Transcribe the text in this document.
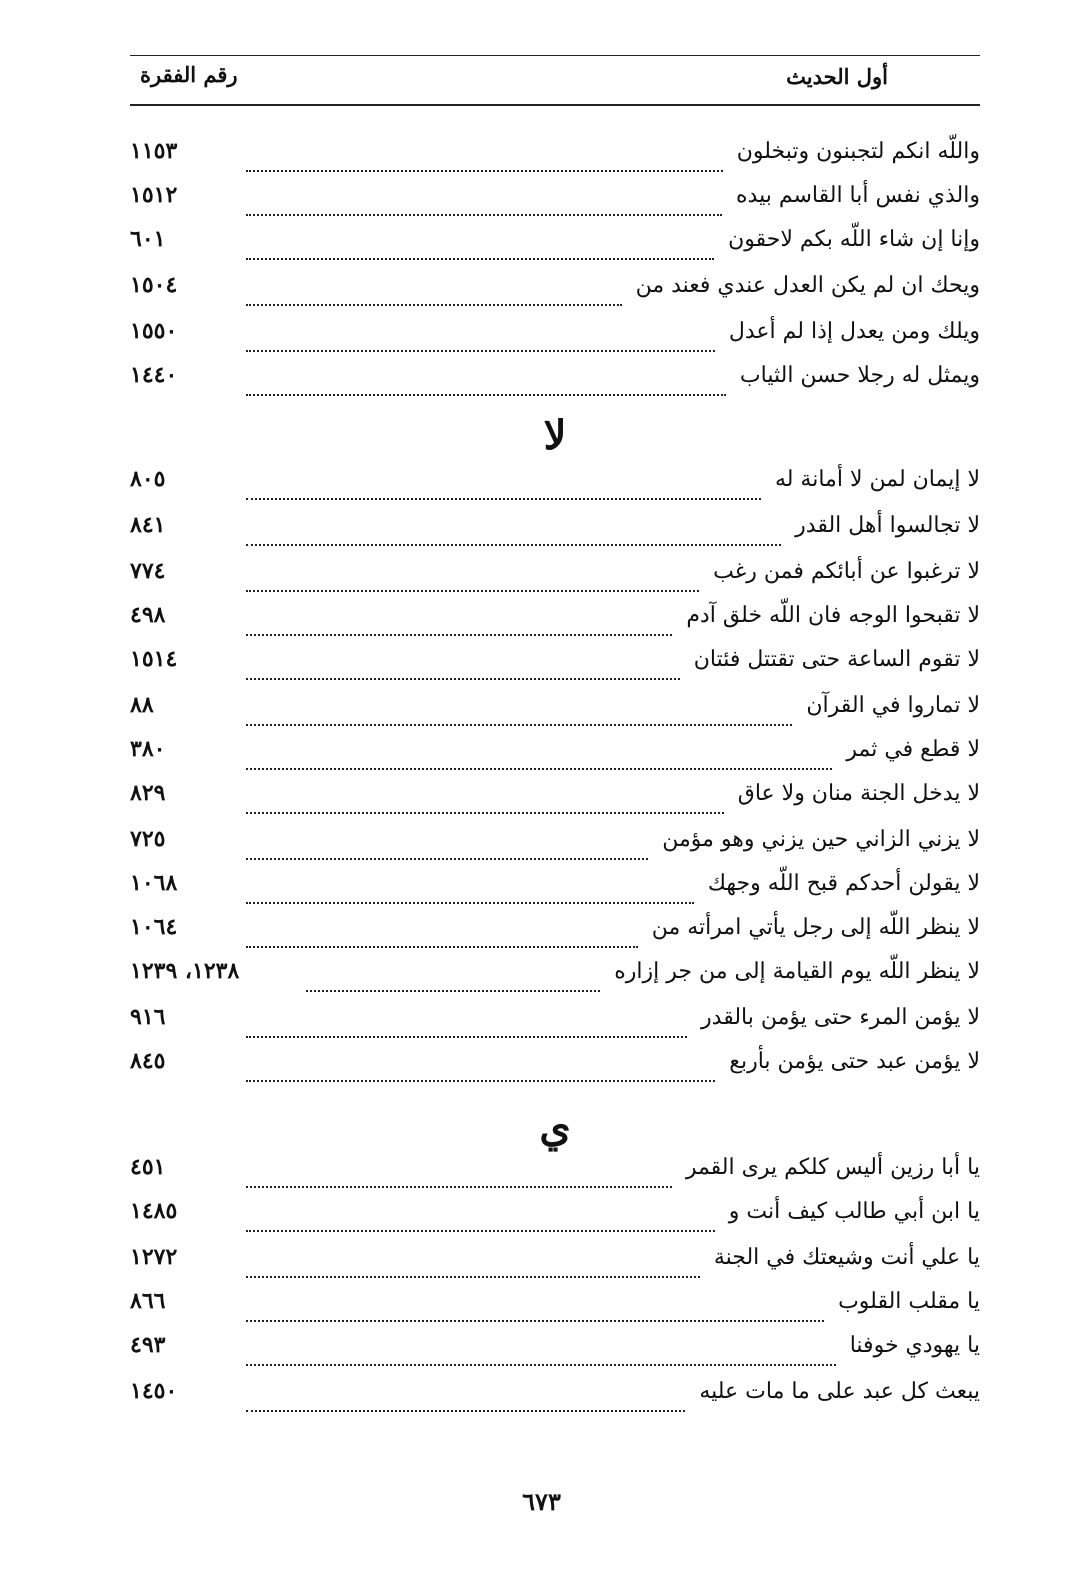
أول الحديث
رقم الفقرة
واللّه انكم لتجبنون وتبخلون
١١٥٣
والذي نفس أبا القاسم بيده
١٥١٢
وإنا إن شاء اللّه بكم لاحقون
٦٠١
ويحك ان لم يكن العدل عندي فعند من
١٥٠٤
ويلك ومن يعدل إذا لم أعدل
١٥٥٠
ويمثل له رجلا حسن الثياب
١٤٤٠
لا
لا إيمان لمن لا أمانة له
٨٠٥
لا تجالسوا أهل القدر
٨٤١
لا ترغبوا عن أبائكم فمن رغب
٧٧٤
لا تقبحوا الوجه فان اللّه خلق آدم
٤٩٨
لا تقوم الساعة حتى تقتتل فئتان
١٥١٤
لا تماروا في القرآن
٨٨
لا قطع في ثمر
٣٨٠
لا يدخل الجنة منان ولا عاق
٨٢٩
لا يزني الزاني حين يزني وهو مؤمن
٧٢٥
لا يقولن أحدكم قبح اللّه وجهك
١٠٦٨
لا ينظر اللّه إلى رجل يأتي امرأته من
١٠٦٤
لا ينظر اللّه يوم القيامة إلى من جر إزاره
١٢٣٨، ١٢٣٩
لا يؤمن المرء حتى يؤمن بالقدر
٩١٦
لا يؤمن عبد حتى يؤمن بأربع
٨٤٥
ي
يا أبا رزين أليس كلكم يرى القمر
٤٥١
يا ابن أبي طالب كيف أنت و
١٤٨٥
يا علي أنت وشيعتك في الجنة
١٢٧٢
يا مقلب القلوب
٨٦٦
يا يهودي خوفنا
٤٩٣
يبعث كل عبد على ما مات عليه
١٤٥٠
٦٧٣
